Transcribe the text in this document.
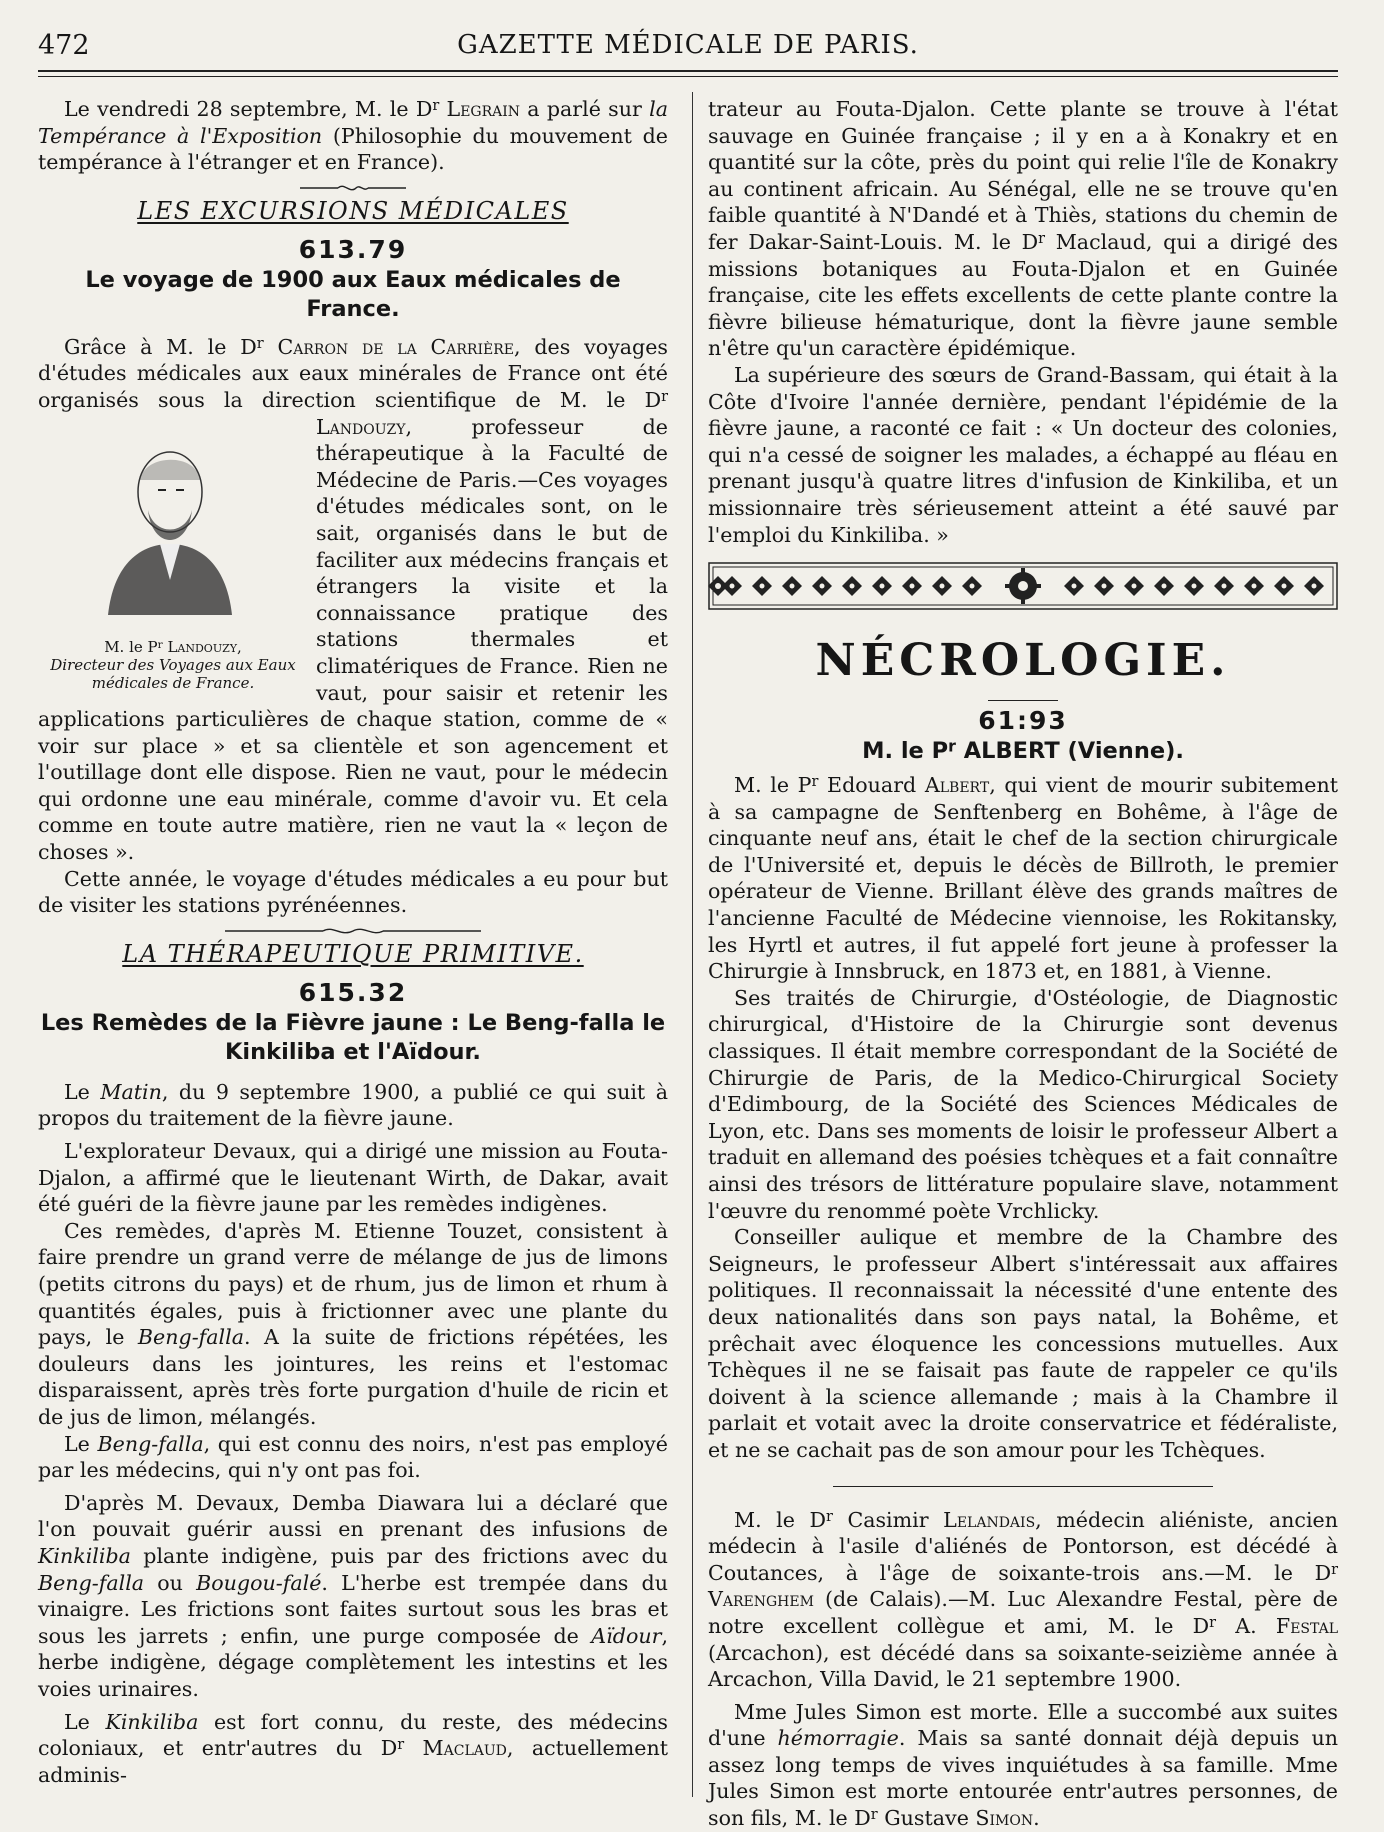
472	GAZETTE MÉDICALE DE PARIS.

Le vendredi 28 septembre, M. le $D^r$ Legrain a parlé sur la Tempérance à l'Exposition (Philosophie du mouvement de tempérance à l'étranger et en France).

LES EXCURSIONS MÉDICALES
613.79
Le voyage de 1900 aux Eaux médicales de France.

Grâce à M. le $D^r$ Carron de la Carrière, des voyages d'études médicales aux eaux minérales de France ont été organisés sous la direction scientifique de M. le $D^r$
M. le $P^r$ Landouzy,
Directeur des Voyages aux Eaux médicales de France.
Landouzy, professeur de thérapeutique à la Faculté de Médecine de Paris.—Ces voyages d'études médicales sont, on le sait, organisés dans le but de faciliter aux médecins français et étrangers la visite et la connaissance pratique des stations thermales et climatériques de France. Rien ne vaut, pour saisir et retenir les applications particulières de chaque station, comme de « voir sur place » et sa clientèle et son agencement et l'outillage dont elle dispose. Rien ne vaut, pour le médecin qui ordonne une eau minérale, comme d'avoir vu. Et cela comme en toute autre matière, rien ne vaut la « leçon de choses ».

Cette année, le voyage d'études médicales a eu pour but de visiter les stations pyrénéennes.

LA THÉRAPEUTIQUE PRIMITIVE.
615.32
Les Remèdes de la Fièvre jaune : Le Beng-falla le Kinkiliba et l'Aïdour.

Le Matin, du 9 septembre 1900, a publié ce qui suit à propos du traitement de la fièvre jaune.

L'explorateur Devaux, qui a dirigé une mission au Fouta-Djalon, a affirmé que le lieutenant Wirth, de Dakar, avait été guéri de la fièvre jaune par les remèdes indigènes.

Ces remèdes, d'après M. Etienne Touzet, consistent à faire prendre un grand verre de mélange de jus de limons (petits citrons du pays) et de rhum, jus de limon et rhum à quantités égales, puis à frictionner avec une plante du pays, le Beng-falla. A la suite de frictions répétées, les douleurs dans les jointures, les reins et l'estomac disparaissent, après très forte purgation d'huile de ricin et de jus de limon, mélangés.

Le Beng-falla, qui est connu des noirs, n'est pas employé par les médecins, qui n'y ont pas foi.

D'après M. Devaux, Demba Diawara lui a déclaré que l'on pouvait guérir aussi en prenant des infusions de Kinkiliba plante indigène, puis par des frictions avec du Beng-falla ou Bougou-falé. L'herbe est trempée dans du vinaigre. Les frictions sont faites surtout sous les bras et sous les jarrets ; enfin, une purge composée de Aïdour, herbe indigène, dégage complètement les intestins et les voies urinaires.

Le Kinkiliba est fort connu, du reste, des médecins coloniaux, et entr'autres du $D^r$ Maclaud, actuellement adminis-

trateur au Fouta-Djalon. Cette plante se trouve à l'état sauvage en Guinée française ; il y en a à Konakry et en quantité sur la côte, près du point qui relie l'île de Konakry au continent africain. Au Sénégal, elle ne se trouve qu'en faible quantité à N'Dandé et à Thiès, stations du chemin de fer Dakar-Saint-Louis. M. le $D^r$ Maclaud, qui a dirigé des missions botaniques au Fouta-Djalon et en Guinée française, cite les effets excellents de cette plante contre la fièvre bilieuse hématurique, dont la fièvre jaune semble n'être qu'un caractère épidémique.

La supérieure des sœurs de Grand-Bassam, qui était à la Côte d'Ivoire l'année dernière, pendant l'épidémie de la fièvre jaune, a raconté ce fait : « Un docteur des colonies, qui n'a cessé de soigner les malades, a échappé au fléau en prenant jusqu'à quatre litres d'infusion de Kinkiliba, et un missionnaire très sérieusement atteint a été sauvé par l'emploi du Kinkiliba. »

NÉCROLOGIE.
61:93
M. le $P^r$ ALBERT (Vienne).

M. le $P^r$ Edouard Albert, qui vient de mourir subitement à sa campagne de Senftenberg en Bohême, à l'âge de cinquante neuf ans, était le chef de la section chirurgicale de l'Université et, depuis le décès de Billroth, le premier opérateur de Vienne. Brillant élève des grands maîtres de l'ancienne Faculté de Médecine viennoise, les Rokitansky, les Hyrtl et autres, il fut appelé fort jeune à professer la Chirurgie à Innsbruck, en 1873 et, en 1881, à Vienne.

Ses traités de Chirurgie, d'Ostéologie, de Diagnostic chirurgical, d'Histoire de la Chirurgie sont devenus classiques. Il était membre correspondant de la Société de Chirurgie de Paris, de la Medico-Chirurgical Society d'Edimbourg, de la Société des Sciences Médicales de Lyon, etc. Dans ses moments de loisir le professeur Albert a traduit en allemand des poésies tchèques et a fait connaître ainsi des trésors de littérature populaire slave, notamment l'œuvre du renommé poète Vrchlicky.

Conseiller aulique et membre de la Chambre des Seigneurs, le professeur Albert s'intéressait aux affaires politiques. Il reconnaissait la nécessité d'une entente des deux nationalités dans son pays natal, la Bohême, et prêchait avec éloquence les concessions mutuelles. Aux Tchèques il ne se faisait pas faute de rappeler ce qu'ils doivent à la science allemande ; mais à la Chambre il parlait et votait avec la droite conservatrice et fédéraliste, et ne se cachait pas de son amour pour les Tchèques.

M. le $D^r$ Casimir Lelandais, médecin aliéniste, ancien médecin à l'asile d'aliénés de Pontorson, est décédé à Coutances, à l'âge de soixante-trois ans.—M. le $D^r$ Varenghem (de Calais).—M. Luc Alexandre Festal, père de notre excellent collègue et ami, M. le $D^r$ A. Festal (Arcachon), est décédé dans sa soixante-seizième année à Arcachon, Villa David, le 21 septembre 1900.

Mme Jules Simon est morte. Elle a succombé aux suites d'une hémorragie. Mais sa santé donnait déjà depuis un assez long temps de vives inquiétudes à sa famille. Mme Jules Simon est morte entourée entr'autres personnes, de son fils, M. le $D^r$ Gustave Simon.
